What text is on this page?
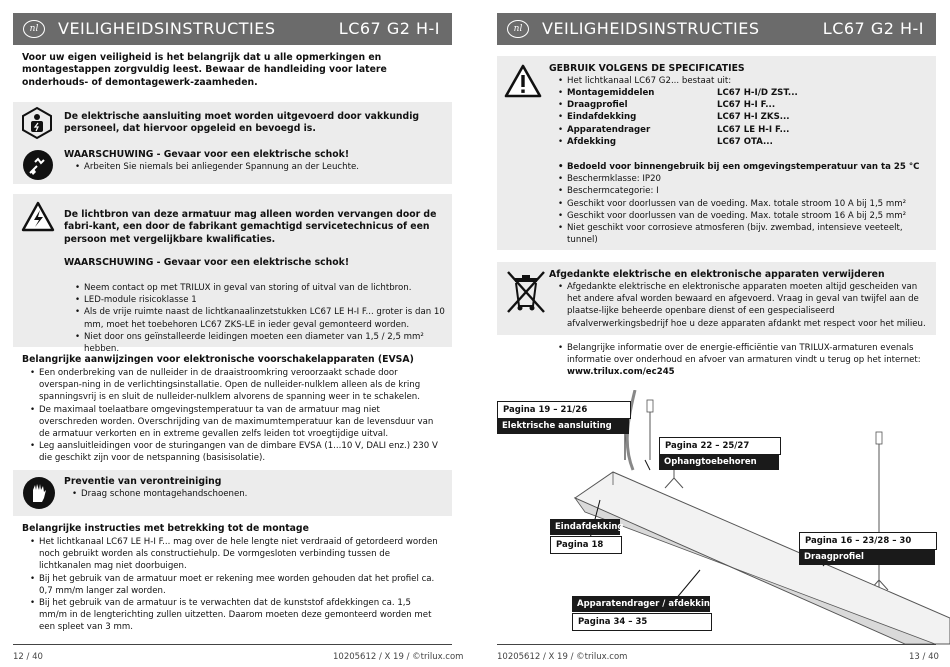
nl	VEILIGHEIDSINSTRUCTIES	LC67 G2 H-I
Voor uw eigen veiligheid is het belangrijk dat u alle opmerkingen en montagestappen zorgvuldig leest. Bewaar de handleiding voor latere onderhouds- of demontagewerk-zaamheden.
De elektrische aansluiting moet worden uitgevoerd door vakkundig personeel, dat hiervoor opgeleid en bevoegd is.
WAARSCHUWING - Gevaar voor een elektrische schok!
• Arbeiten Sie niemals bei anliegender Spannung an der Leuchte.
De lichtbron van deze armatuur mag alleen worden vervangen door de fabri-kant, een door de fabrikant gemachtigd servicetechnicus of een persoon met vergelijkbare kwalificaties.
WAARSCHUWING - Gevaar voor een elektrische schok!
• Neem contact op met TRILUX in geval van storing of uitval van de lichtbron.
• LED-module risicoklasse 1
• Als de vrije ruimte naast de lichtkanaalinzetstukken LC67 LE H-I F... groter is dan 10 mm, moet het toebehoren LC67 ZKS-LE in ieder geval gemonteerd worden.
• Niet door ons geïnstalleerde leidingen moeten een diameter van 1,5 / 2,5 mm² hebben.
Belangrijke aanwijzingen voor elektronische voorschakelapparaten (EVSA)
• Een onderbreking van de nulleider in de draaistroomkring veroorzaakt schade door overspan-ning in de verlichtingsinstallatie. Open de nulleider-nulklem alleen als de kring spanningsvrij is en sluit de nulleider-nulklem alvorens de spanning weer in te schakelen.
• De maximaal toelaatbare omgevingstemperatuur ta van de armatuur mag niet overschreden worden. Overschrijding van de maximumtemperatuur kan de levensduur van de armatuur verkorten en in extreme gevallen zelfs leiden tot vroegtijdige uitval.
• Leg aansluitleidingen voor de sturingangen van de dimbare EVSA (1...10 V, DALI enz.) 230 V die geschikt zijn voor de netspanning (basisisolatie).
Preventie van verontreiniging
• Draag schone montagehandschoenen.
Belangrijke instructies met betrekking tot de montage
• Het lichtkanaal LC67 LE H-I F... mag over de hele lengte niet verdraaid of getordeerd worden noch gebruikt worden als constructiehulp. De vormgesloten verbinding tussen de lichtkanalen mag niet doorbuigen.
• Bij het gebruik van de armatuur moet er rekening mee worden gehouden dat het profiel ca. 0,7 mm/m langer zal worden.
• Bij het gebruik van de armatuur is te verwachten dat de kunststof afdekkingen ca. 1,5 mm/m in de lengterichting zullen uitzetten. Daarom moeten deze gemonteerd worden met een spleet van 3 mm.
12 / 40	10205612 / X 19 / ©trilux.com
nl	VEILIGHEIDSINSTRUCTIES	LC67 G2 H-I
GEBRUIK VOLGENS DE SPECIFICATIES
• Het lichtkanaal LC67 G2... bestaat uit:
• Montagemiddelen	LC67 H-I/D ZST...
• Draagprofiel	LC67 H-I F...
• Eindafdekking	LC67 H-I ZKS...
• Apparatendrager	LC67 LE H-I F...
• Afdekking	LC67 OTA...
• Bedoeld voor binnengebruik bij een omgevingstemperatuur van ta 25 °C
• Beschermklasse: IP20
• Beschermcategorie: I
• Geschikt voor doorlussen van de voeding. Max. totale stroom 10 A bij 1,5 mm²
• Geschikt voor doorlussen van de voeding. Max. totale stroom 16 A bij 2,5 mm²
• Niet geschikt voor corrosieve atmosferen (bijv. zwembad, intensieve veeteelt, tunnel)
Afgedankte elektrische en elektronische apparaten verwijderen
• Afgedankte elektrische en elektronische apparaten moeten altijd gescheiden van het andere afval worden bewaard en afgevoerd. Vraag in geval van twijfel aan de plaatse-lijke beheerde openbare dienst of een gespecialiseerd afvalverwerkingsbedrijf hoe u deze apparaten afdankt met respect voor het milieu.
• Belangrijke informatie over de energie-efficiëntie van TRILUX-armaturen evenals informatie over onderhoud en afvoer van armaturen vindt u terug op het internet:
www.trilux.com/ec245
Pagina 19 – 21/26
Elektrische aansluiting
Pagina 22 – 25/27
Ophangtoebehoren
Eindafdekking
Pagina 18	Pagina 16 – 23/28 – 30
Draagprofiel
Apparatendrager / afdekking
Pagina 34 – 35
10205612 / X 19 / ©trilux.com	13 / 40
